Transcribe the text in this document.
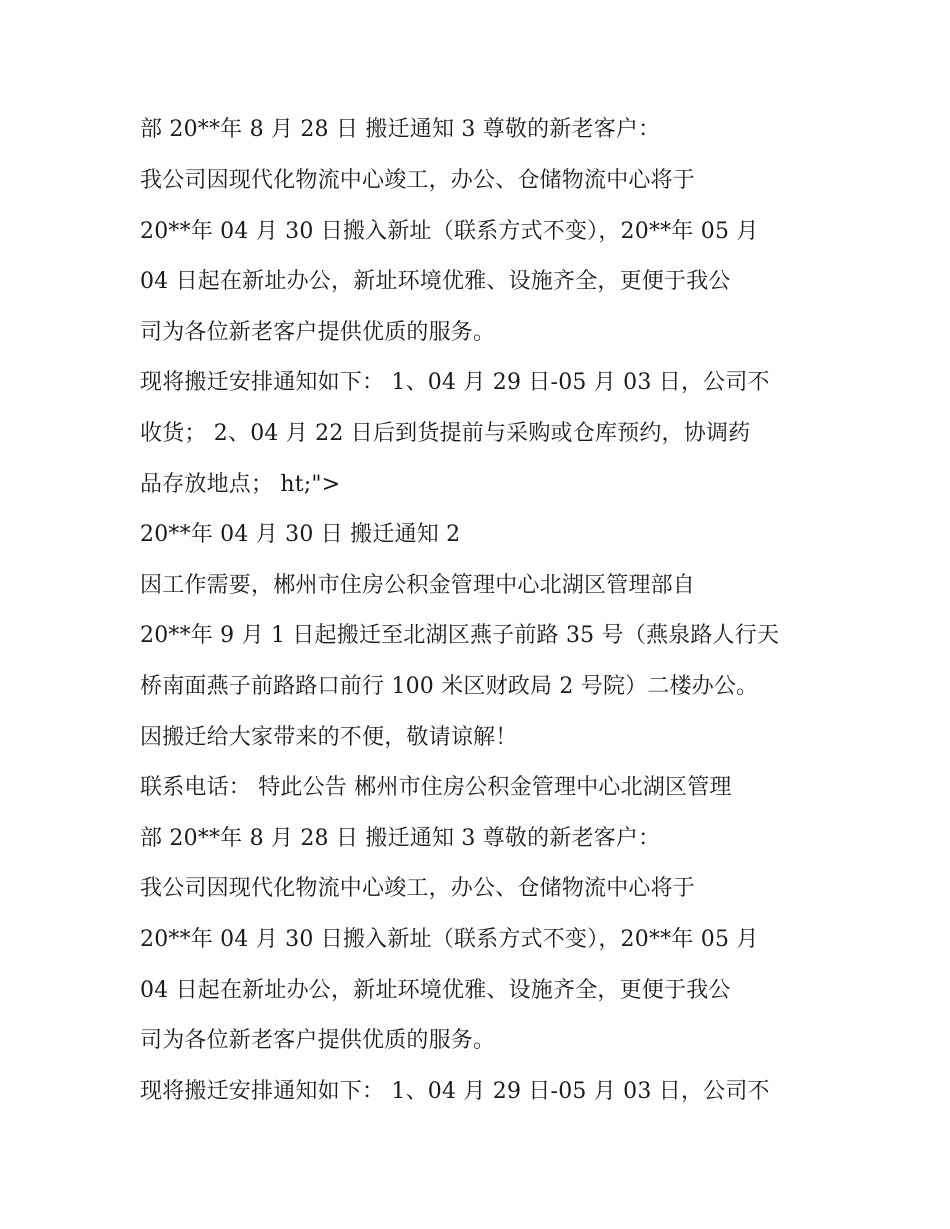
部 20**年 8 月 28 日 搬迁通知 3 尊敬的新老客户：
我公司因现代化物流中心竣工，办公、仓储物流中心将于
20**年 04 月 30 日搬入新址（联系方式不变），20**年 05 月
04 日起在新址办公，新址环境优雅、设施齐全，更便于我公
司为各位新老客户提供优质的服务。
现将搬迁安排通知如下： 1、04 月 29 日-05 月 03 日，公司不
收货； 2、04 月 22 日后到货提前与采购或仓库预约，协调药
品存放地点； ht;">
20**年 04 月 30 日 搬迁通知 2
因工作需要，郴州市住房公积金管理中心北湖区管理部自
20**年 9 月 1 日起搬迁至北湖区燕子前路 35 号（燕泉路人行天
桥南面燕子前路路口前行 100 米区财政局 2 号院）二楼办公。
因搬迁给大家带来的不便，敬请谅解！
联系电话： 特此公告 郴州市住房公积金管理中心北湖区管理
部 20**年 8 月 28 日 搬迁通知 3 尊敬的新老客户：
我公司因现代化物流中心竣工，办公、仓储物流中心将于
20**年 04 月 30 日搬入新址（联系方式不变），20**年 05 月
04 日起在新址办公，新址环境优雅、设施齐全，更便于我公
司为各位新老客户提供优质的服务。
现将搬迁安排通知如下： 1、04 月 29 日-05 月 03 日，公司不
